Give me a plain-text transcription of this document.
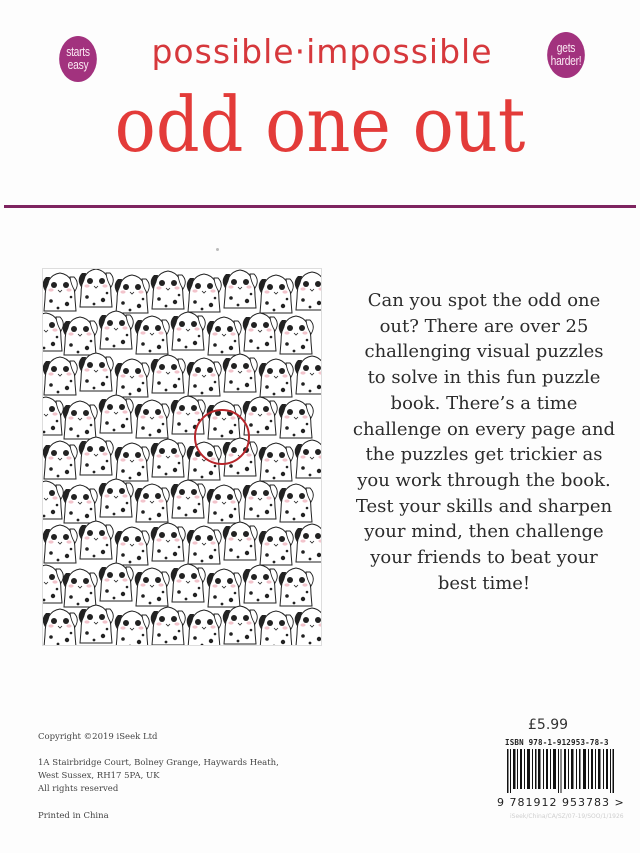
starts
easy	possible·impossible	gets
harder!
odd one out
Can you spot the odd one
out? There are over 25
challenging visual puzzles
to solve in this fun puzzle
book. There’s a time
challenge on every page and
the puzzles get trickier as
you work through the book.
Test your skills and sharpen
your mind, then challenge
your friends to beat your
best time!
Copyright ©2019 iSeek Ltd
1A Stairbridge Court, Bolney Grange, Haywards Heath,
West Sussex, RH17 5PA, UK
All rights reserved
Printed in China
£5.99
ISBN 978-1-912953-78-3
9 781912 953783 >
iSeek/China/CA/SZ/07-19/SOO/1/1926
